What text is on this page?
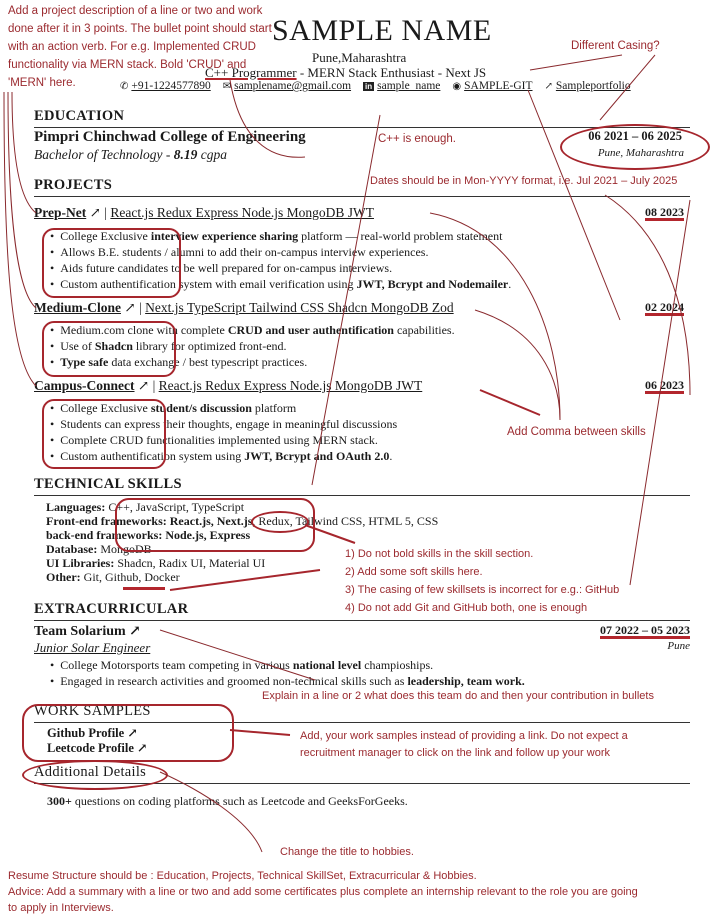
Add a project description of a line or two and work done after it in 3 points. The bullet point should start with an action verb. For e.g. Implemented CRUD functionality via MERN stack. Bold 'CRUD' and 'MERN' here.
SAMPLE NAME
Pune,Maharashtra
C++ Programmer - MERN Stack Enthusiast - Next JS
Different Casing?
✆ +91-1224577890 ✉ samplename@gmail.com in sample_name ◉ SAMPLE-GIT ↗ Sampleportfolio
EDUCATION
Pimpri Chinchwad College of Engineering	06 2021 – 06 2025
Bachelor of Technology - 8.19 cgpa	Pune, Maharashtra
C++ is enough.
PROJECTS	Dates should be in Mon-YYYY format, i.e. Jul 2021 – July 2025
Prep-Net ↗ | React.js Redux Express Node.js MongoDB JWT	08 2023
• College Exclusive interview experience sharing platform — real-world problem statement
• Allows B.E. students / alumni to add their on-campus interview experiences.
• Aids future candidates to be well prepared for on-campus interviews.
• Custom authentification system with email verification using JWT, Bcrypt and Nodemailer.
Medium-Clone ↗ | Next.js TypeScript Tailwind CSS Shadcn MongoDB Zod	02 2024
• Medium.com clone with complete CRUD and user authentification capabilities.
• Use of Shadcn library for optimized front-end.
• Type safe data exchange / best typescript practices.
Campus-Connect ↗ | React.js Redux Express Node.js MongoDB JWT	06 2023
• College Exclusive student/s discussion platform
• Students can express their thoughts, engage in meaningful discussions
• Complete CRUD functionalities implemented using MERN stack.
• Custom authentification system using JWT, Bcrypt and OAuth 2.0.
Add Comma between skills
TECHNICAL SKILLS
Languages: C++, JavaScript, TypeScript
Front-end frameworks: React.js, Next.js, Redux, Tailwind CSS, HTML 5, CSS
back-end frameworks: Node.js, Express
Database: MongoDB
UI Libraries: Shadcn, Radix UI, Material UI
Other: Git, Github, Docker
1) Do not bold skills in the skill section.
2) Add some soft skills here.
3) The casing of few skillsets is incorrect for e.g.: GitHub
4) Do not add Git and GitHub both, one is enough
EXTRACURRICULAR
Team Solarium ↗	07 2022 – 05 2023
Junior Solar Engineer	Pune
• College Motorsports team competing in various national level champioships.
• Engaged in research activities and groomed non-technical skills such as leadership, team work.
Explain in a line or 2 what does this team do and then your contribution in bullets
WORK SAMPLES
Github Profile ↗
Leetcode Profile ↗
Add, your work samples instead of providing a link. Do not expect a
recruitment manager to click on the link and follow up your work
Additional Details
300+ questions on coding platforms such as Leetcode and GeeksForGeeks.
Change the title to hobbies.
Resume Structure should be : Education, Projects, Technical SkillSet, Extracurricular & Hobbies.
Advice: Add a summary with a line or two and add some certificates plus complete an internship relevant to the role you are going
to apply in Interviews.
